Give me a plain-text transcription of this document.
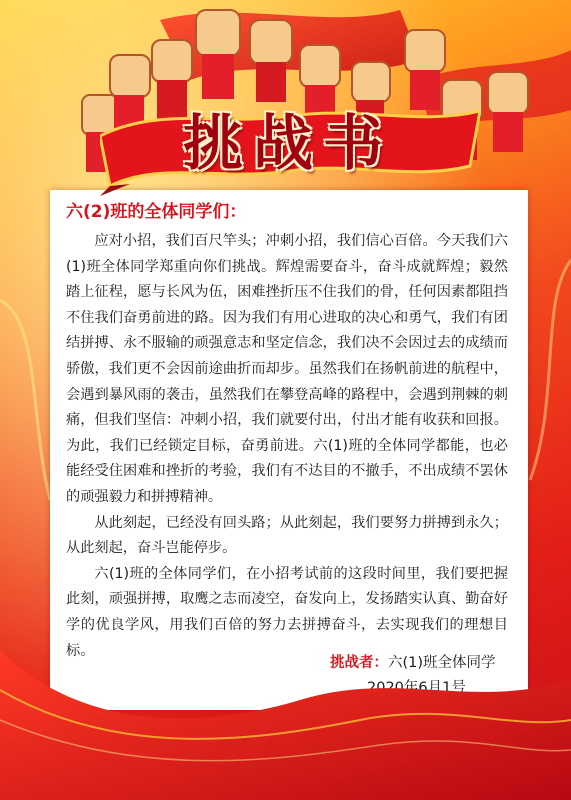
挑战书
六(2)班的全体同学们：

应对小招，我们百尺竿头；冲刺小招，我们信心百倍。今天我们六(1)班全体同学郑重向你们挑战。辉煌需要奋斗，奋斗成就辉煌；毅然踏上征程，愿与长风为伍，困难挫折压不住我们的骨，任何因素都阻挡不住我们奋勇前进的路。因为我们有用心进取的决心和勇气，我们有团结拼搏、永不服输的顽强意志和坚定信念，我们决不会因过去的成绩而骄傲，我们更不会因前途曲折而却步。虽然我们在扬帆前进的航程中，会遇到暴风雨的袭击，虽然我们在攀登高峰的路程中，会遇到荆棘的刺痛，但我们坚信：冲刺小招，我们就要付出，付出才能有收获和回报。为此，我们已经锁定目标，奋勇前进。六(1)班的全体同学都能，也必能经受住困难和挫折的考验，我们有不达目的不撤手，不出成绩不罢休的顽强毅力和拼搏精神。

从此刻起，已经没有回头路；从此刻起，我们要努力拼搏到永久；从此刻起，奋斗岂能停步。

六(1)班的全体同学们，在小招考试前的这段时间里，我们要把握此刻，顽强拼搏，取鹰之志而凌空，奋发向上，发扬踏实认真、勤奋好学的优良学风，用我们百倍的努力去拼搏奋斗，去实现我们的理想目标。

挑战者：六(1)班全体同学
2020年6月1号
